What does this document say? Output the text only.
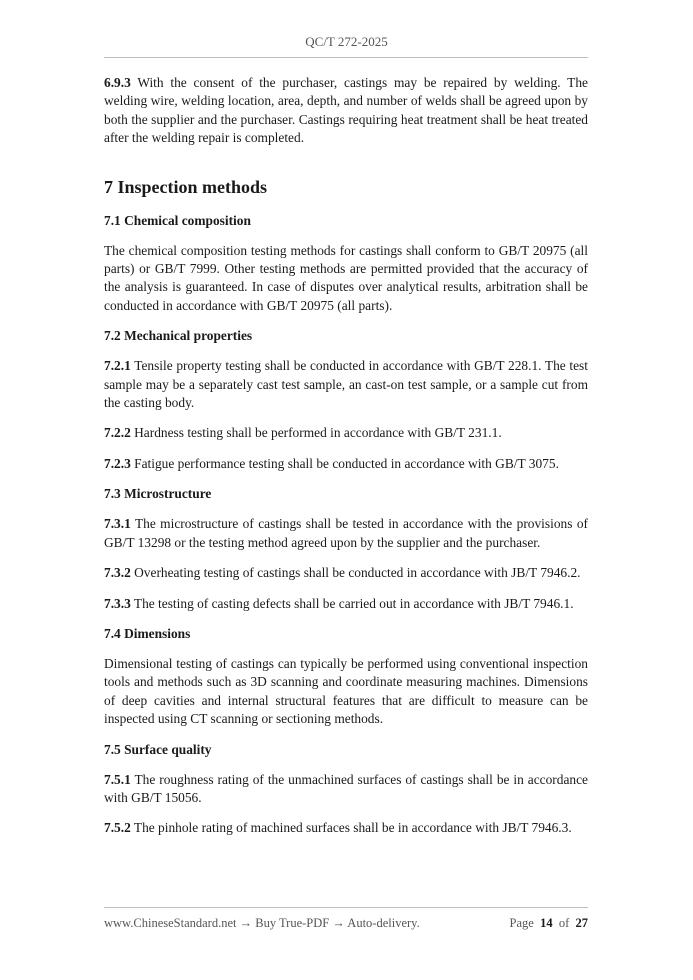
QC/T 272-2025

6.9.3 With the consent of the purchaser, castings may be repaired by welding. The welding wire, welding location, area, depth, and number of welds shall be agreed upon by both the supplier and the purchaser. Castings requiring heat treatment shall be heat treated after the welding repair is completed.

7 Inspection methods
7.1 Chemical composition

The chemical composition testing methods for castings shall conform to GB/T 20975 (all parts) or GB/T 7999. Other testing methods are permitted provided that the accuracy of the analysis is guaranteed. In case of disputes over analytical results, arbitration shall be conducted in accordance with GB/T 20975 (all parts).

7.2 Mechanical properties

7.2.1 Tensile property testing shall be conducted in accordance with GB/T 228.1. The test sample may be a separately cast test sample, an cast-on test sample, or a sample cut from the casting body.

7.2.2 Hardness testing shall be performed in accordance with GB/T 231.1.

7.2.3 Fatigue performance testing shall be conducted in accordance with GB/T 3075.

7.3 Microstructure

7.3.1 The microstructure of castings shall be tested in accordance with the provisions of GB/T 13298 or the testing method agreed upon by the supplier and the purchaser.

7.3.2 Overheating testing of castings shall be conducted in accordance with JB/T 7946.2.

7.3.3 The testing of casting defects shall be carried out in accordance with JB/T 7946.1.

7.4 Dimensions

Dimensional testing of castings can typically be performed using conventional inspection tools and methods such as 3D scanning and coordinate measuring machines. Dimensions of deep cavities and internal structural features that are difficult to measure can be inspected using CT scanning or sectioning methods.

7.5 Surface quality

7.5.1 The roughness rating of the unmachined surfaces of castings shall be in accordance with GB/T 15056.

7.5.2 The pinhole rating of machined surfaces shall be in accordance with JB/T 7946.3.

www.ChineseStandard.net → Buy True-PDF → Auto-delivery.	Page 14 of 27
